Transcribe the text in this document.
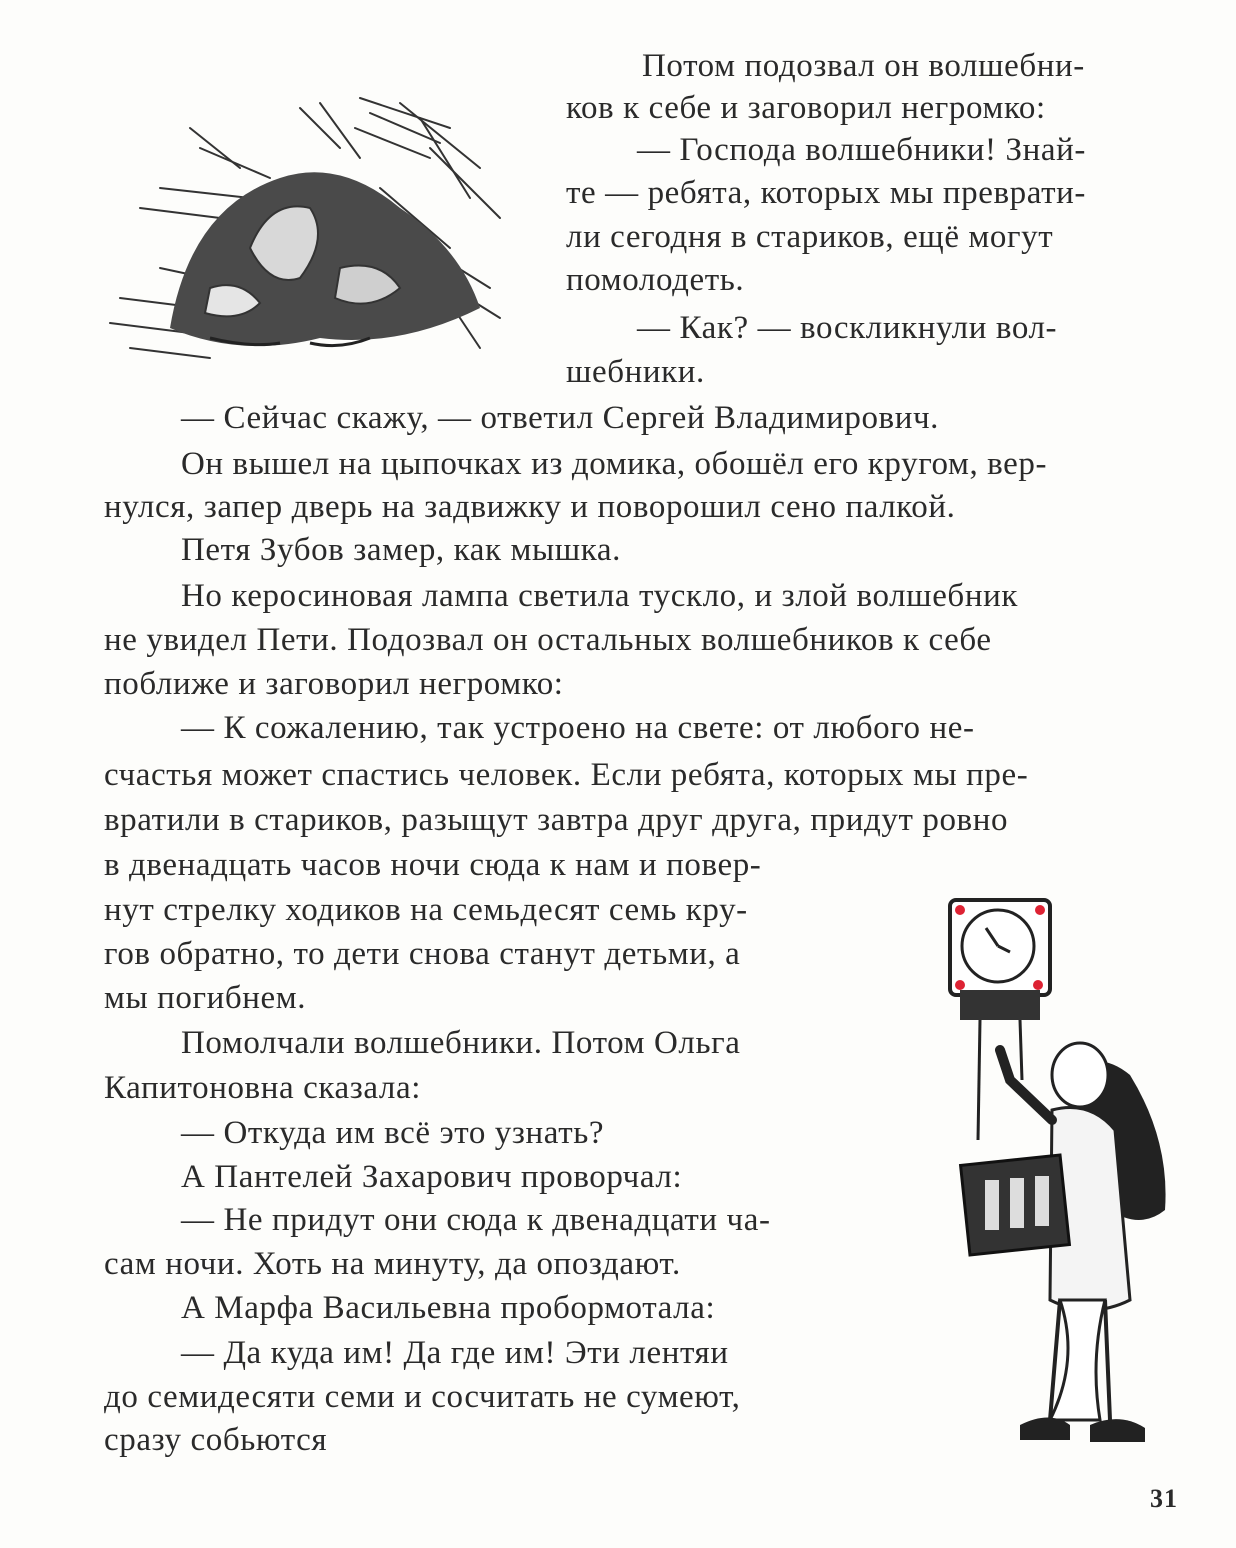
Потом подозвал он волшебни-
ков к себе и заговорил негромко:
— Господа волшебники! Знай-
те — ребята, которых мы преврати-
ли сегодня в стариков, ещё могут
помолодеть.
— Как? — воскликнули вол-
шебники.
— Сейчас скажу, — ответил Сергей Владимирович.
Он вышел на цыпочках из домика, обошёл его кругом, вер-
нулся, запер дверь на задвижку и поворошил сено палкой.
Петя Зубов замер, как мышка.
Но керосиновая лампа светила тускло, и злой волшебник
не увидел Пети. Подозвал он остальных волшебников к себе
поближе и заговорил негромко:
— К сожалению, так устроено на свете: от любого не-
счастья может спастись человек. Если ребята, которых мы пре-
вратили в стариков, разыщут завтра друг друга, придут ровно
в двенадцать часов ночи сюда к нам и повер-
нут стрелку ходиков на семьдесят семь кру-
гов обратно, то дети снова станут детьми, а
мы погибнем.
Помолчали волшебники. Потом Ольга
Капитоновна сказала:
— Откуда им всё это узнать?
А Пантелей Захарович проворчал:
— Не придут они сюда к двенадцати ча-
сам ночи. Хоть на минуту, да опоздают.
А Марфа Васильевна пробормотала:
— Да куда им! Да где им! Эти лентяи
до семидесяти семи и сосчитать не сумеют,
сразу собьются
31
